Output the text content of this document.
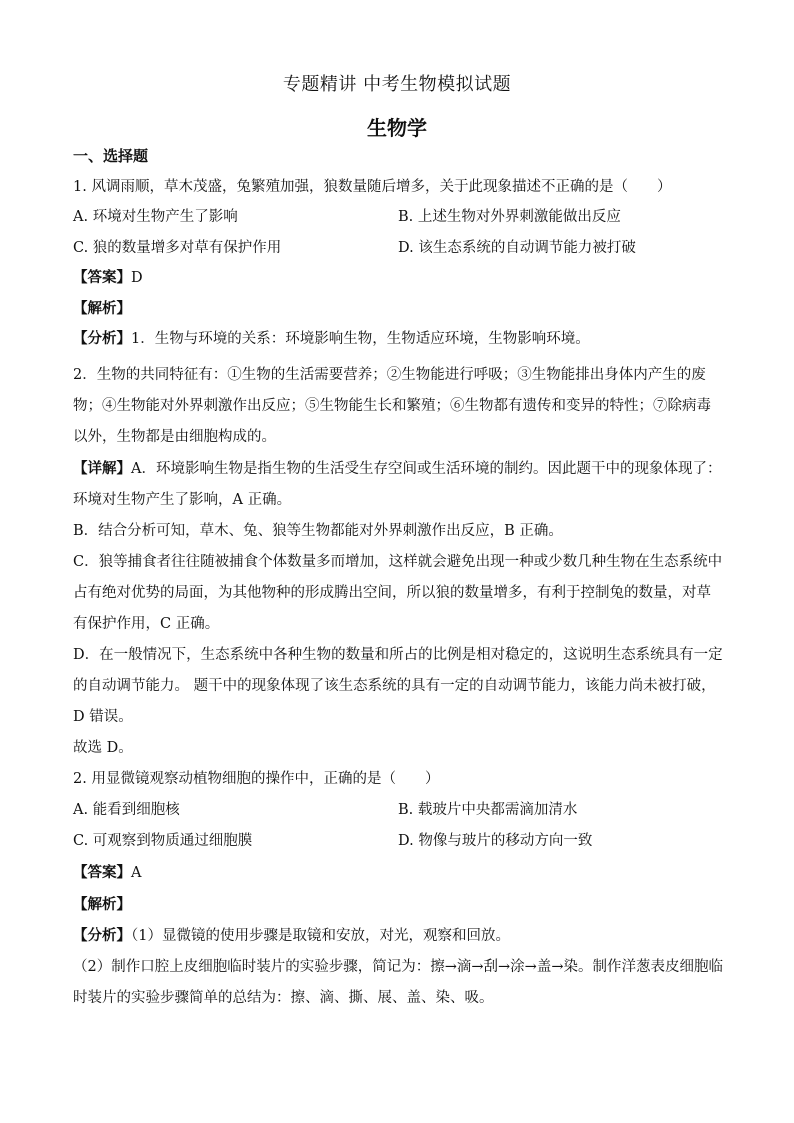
专题精讲 中考生物模拟试题
生物学
一、选择题
1. 风调雨顺，草木茂盛，兔繁殖加强，狼数量随后增多，关于此现象描述不正确的是（　　）
A. 环境对生物产生了影响	B. 上述生物对外界刺激能做出反应
C. 狼的数量增多对草有保护作用	D. 该生态系统的自动调节能力被打破
【答案】D
【解析】
【分析】1．生物与环境的关系：环境影响生物，生物适应环境，生物影响环境。
2．生物的共同特征有：①生物的生活需要营养；②生物能进行呼吸；③生物能排出身体内产生的废物；④生物能对外界刺激作出反应；⑤生物能生长和繁殖；⑥生物都有遗传和变异的特性；⑦除病毒以外，生物都是由细胞构成的。
【详解】A．环境影响生物是指生物的生活受生存空间或生活环境的制约。因此题干中的现象体现了：环境对生物产生了影响，A 正确。
B．结合分析可知，草木、兔、狼等生物都能对外界刺激作出反应，B 正确。
C．狼等捕食者往往随被捕食个体数量多而增加，这样就会避免出现一种或少数几种生物在生态系统中占有绝对优势的局面，为其他物种的形成腾出空间，所以狼的数量增多，有利于控制兔的数量，对草有保护作用，C 正确。
D．在一般情况下，生态系统中各种生物的数量和所占的比例是相对稳定的，这说明生态系统具有一定的自动调节能力。 题干中的现象体现了该生态系统的具有一定的自动调节能力，该能力尚未被打破，D 错误。
故选 D。
2. 用显微镜观察动植物细胞的操作中，正确的是（　　）
A. 能看到细胞核	B. 载玻片中央都需滴加清水
C. 可观察到物质通过细胞膜	D. 物像与玻片的移动方向一致
【答案】A
【解析】
【分析】（1）显微镜的使用步骤是取镜和安放，对光，观察和回放。
（2）制作口腔上皮细胞临时装片的实验步骤，简记为：擦→滴→刮→涂→盖→染。制作洋葱表皮细胞临时装片的实验步骤简单的总结为：擦、滴、撕、展、盖、染、吸。
